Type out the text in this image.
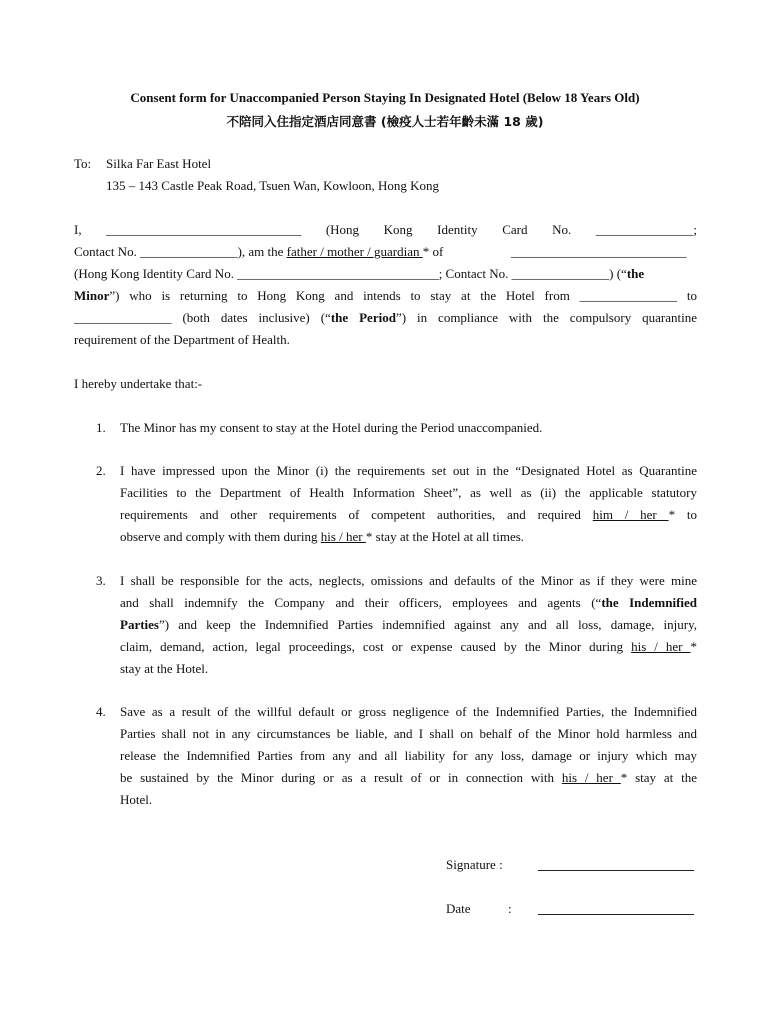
Consent form for Unaccompanied Person Staying In Designated Hotel (Below 18 Years Old)
不陪同入住指定酒店同意書 (檢疫人士若年齡未滿 18 歲)
To: Silka Far East Hotel
135 – 143 Castle Peak Road, Tsuen Wan, Kowloon, Hong Kong
I, ______________________________ (Hong Kong Identity Card No. _______________;
Contact No. _______________), am the father / mother / guardian * of	___________________________
(Hong Kong Identity Card No. _______________________________; Contact No. _______________) (“the
Minor”) who is returning to Hong Kong and intends to stay at the Hotel from _______________ to
_______________ (both dates inclusive) (“the Period”) in compliance with the compulsory quarantine
requirement of the Department of Health.
I hereby undertake that:-
1. The Minor has my consent to stay at the Hotel during the Period unaccompanied.
2. I have impressed upon the Minor (i) the requirements set out in the “Designated Hotel as Quarantine
Facilities to the Department of Health Information Sheet”, as well as (ii) the applicable statutory
requirements and other requirements of competent authorities, and required him / her * to
observe and comply with them during his / her * stay at the Hotel at all times.
3. I shall be responsible for the acts, neglects, omissions and defaults of the Minor as if they were mine
and shall indemnify the Company and their officers, employees and agents (“the Indemnified
Parties”) and keep the Indemnified Parties indemnified against any and all loss, damage, injury,
claim, demand, action, legal proceedings, cost or expense caused by the Minor during his / her *
stay at the Hotel.
4. Save as a result of the willful default or gross negligence of the Indemnified Parties, the Indemnified
Parties shall not in any circumstances be liable, and I shall on behalf of the Minor hold harmless and
release the Indemnified Parties from any and all liability for any loss, damage or injury which may
be sustained by the Minor during or as a result of or in connection with his / her * stay at the
Hotel.
Signature :
Date	:
